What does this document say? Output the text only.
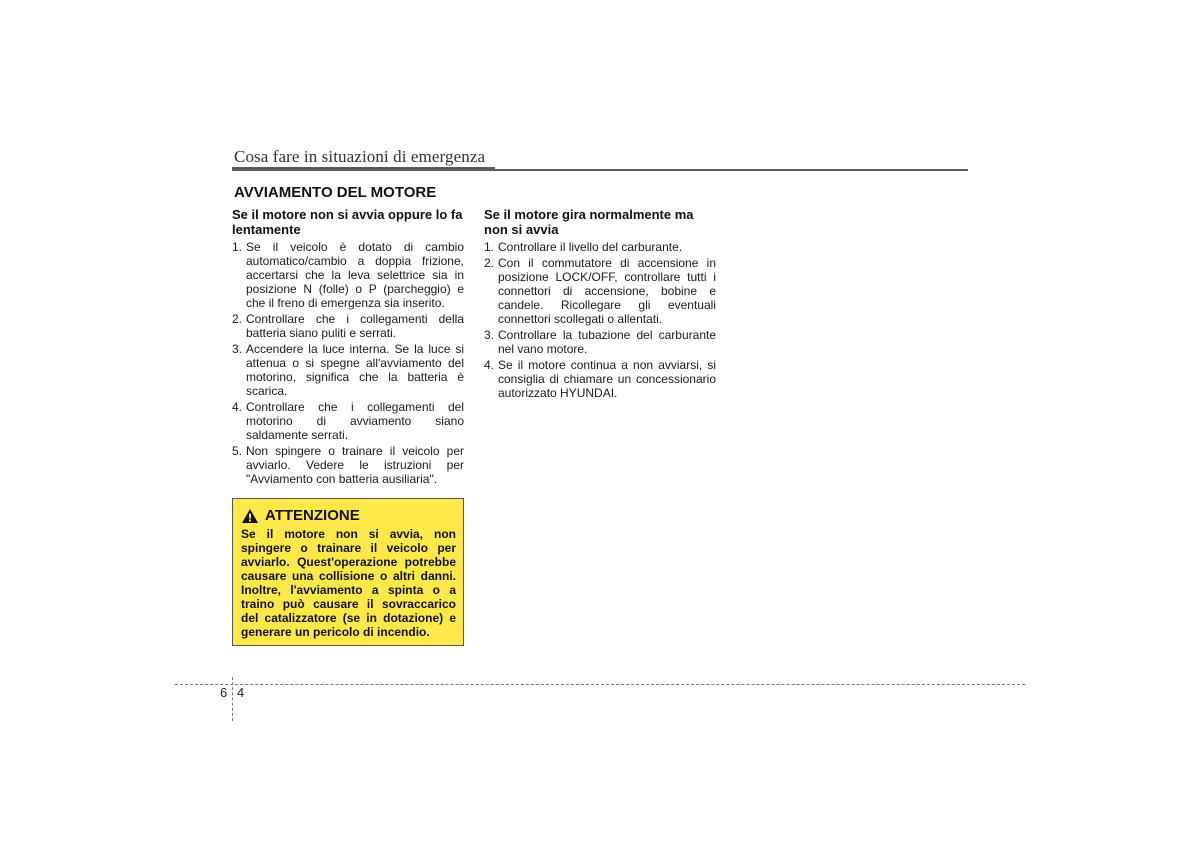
Cosa fare in situazioni di emergenza
AVVIAMENTO DEL MOTORE
Se il motore non si avvia oppure lo fa lentamente
1. Se il veicolo è dotato di cambio automatico/cambio a doppia frizione, accertarsi che la leva selettrice sia in posizione N (folle) o P (parcheggio) e che il freno di emergenza sia inserito.
2. Controllare che i collegamenti della batteria siano puliti e serrati.
3. Accendere la luce interna. Se la luce si attenua o si spegne all'avviamento del motorino, significa che la batteria è scarica.
4. Controllare che i collegamenti del motorino di avviamento siano saldamente serrati.
5. Non spingere o trainare il veicolo per avviarlo. Vedere le istruzioni per "Avviamento con batteria ausiliaria".
ATTENZIONE
Se il motore non si avvia, non spingere o trainare il veicolo per avviarlo. Quest'operazione potrebbe causare una collisione o altri danni. Inoltre, l'avviamento a spinta o a traino può causare il sovraccarico del catalizzatore (se in dotazione) e generare un pericolo di incendio.
Se il motore gira normalmente ma non si avvia
1. Controllare il livello del carburante.
2. Con il commutatore di accensione in posizione LOCK/OFF, controllare tutti i connettori di accensione, bobine e candele. Ricollegare gli eventuali connettori scollegati o allentati.
3. Controllare la tubazione del carburante nel vano motore.
4. Se il motore continua a non avviarsi, si consiglia di chiamare un concessionario autorizzato HYUNDAI.
6 4
